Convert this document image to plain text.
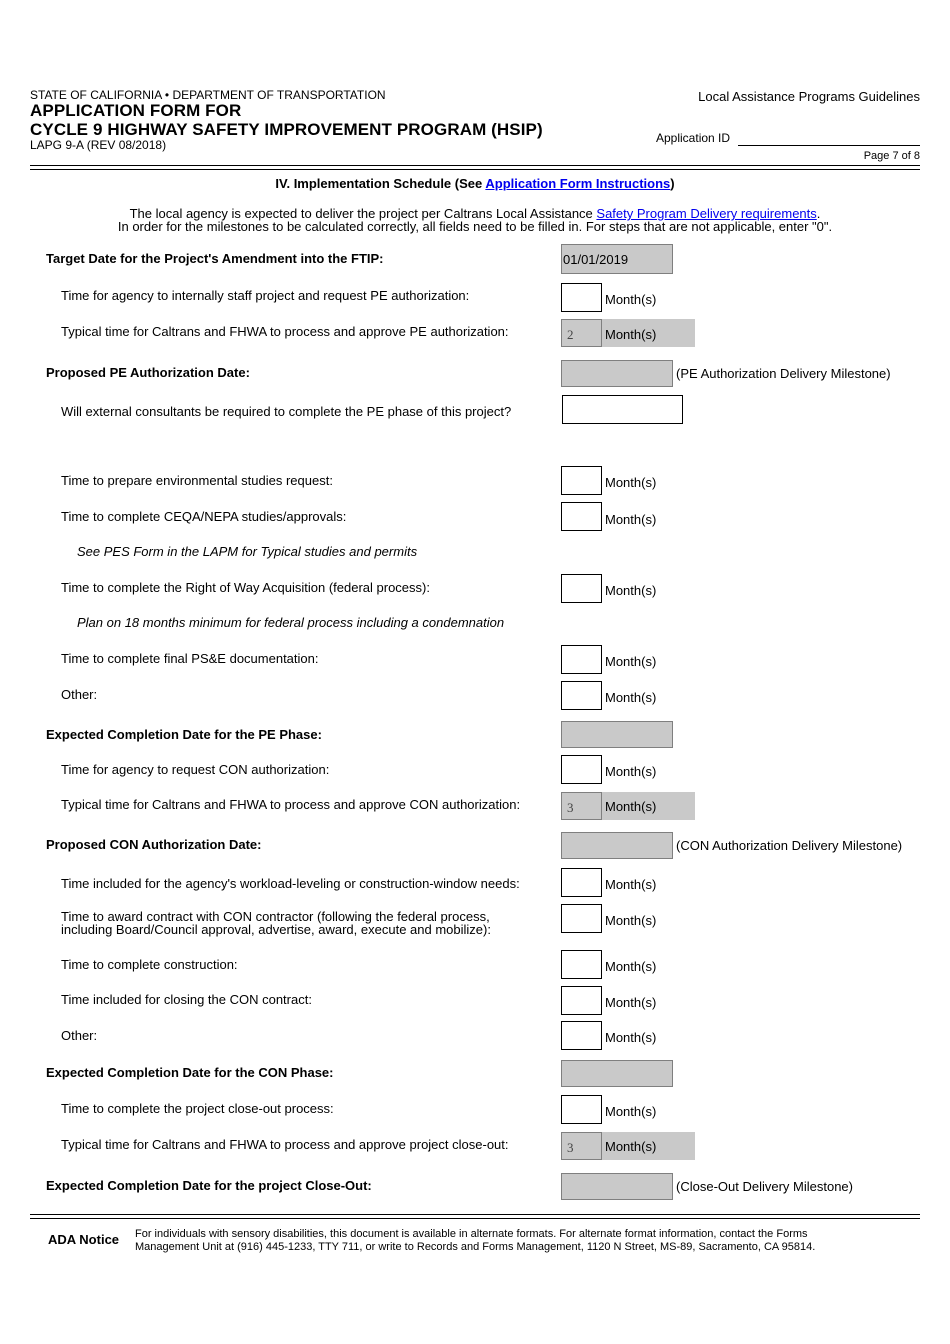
STATE OF CALIFORNIA • DEPARTMENT OF TRANSPORTATION
APPLICATION FORM FOR
CYCLE 9 HIGHWAY SAFETY IMPROVEMENT PROGRAM (HSIP)
LAPG 9-A (REV 08/2018)
Local Assistance Programs Guidelines
Application ID
Page 7 of 8
IV. Implementation Schedule (See Application Form Instructions)
The local agency is expected to deliver the project per Caltrans Local Assistance Safety Program Delivery requirements.
In order for the milestones to be calculated correctly, all fields need to be filled in. For steps that are not applicable, enter "0".
Target Date for the Project's Amendment into the FTIP:	01/01/2019
Time for agency to internally staff project and request PE authorization:	Month(s)
Typical time for Caltrans and FHWA to process and approve PE authorization:	2	Month(s)
Proposed PE Authorization Date:	(PE Authorization Delivery Milestone)
Will external consultants be required to complete the PE phase of this project?
Time to prepare environmental studies request:	Month(s)
Time to complete CEQA/NEPA studies/approvals:	Month(s)
See PES Form in the LAPM for Typical studies and permits
Time to complete the Right of Way Acquisition (federal process):	Month(s)
Plan on 18 months minimum for federal process including a condemnation
Time to complete final PS&E documentation:	Month(s)
Other:	Month(s)
Expected Completion Date for the PE Phase:
Time for agency to request CON authorization:	Month(s)
Typical time for Caltrans and FHWA to process and approve CON authorization:	3	Month(s)
Proposed CON Authorization Date:	(CON Authorization Delivery Milestone)
Time included for the agency's workload-leveling or construction-window needs:	Month(s)
Time to award contract with CON contractor (following the federal process,
including Board/Council approval, advertise, award, execute and mobilize):
Month(s)
Time to complete construction:	Month(s)
Time included for closing the CON contract:	Month(s)
Other:	Month(s)
Expected Completion Date for the CON Phase:
Time to complete the project close-out process:	Month(s)
Typical time for Caltrans and FHWA to process and approve project close-out:	3	Month(s)
Expected Completion Date for the project Close-Out:	(Close-Out Delivery Milestone)
ADA Notice For individuals with sensory disabilities, this document is available in alternate formats. For alternate format information, contact the Forms
Management Unit at (916) 445-1233, TTY 711, or write to Records and Forms Management, 1120 N Street, MS-89, Sacramento, CA 95814.
